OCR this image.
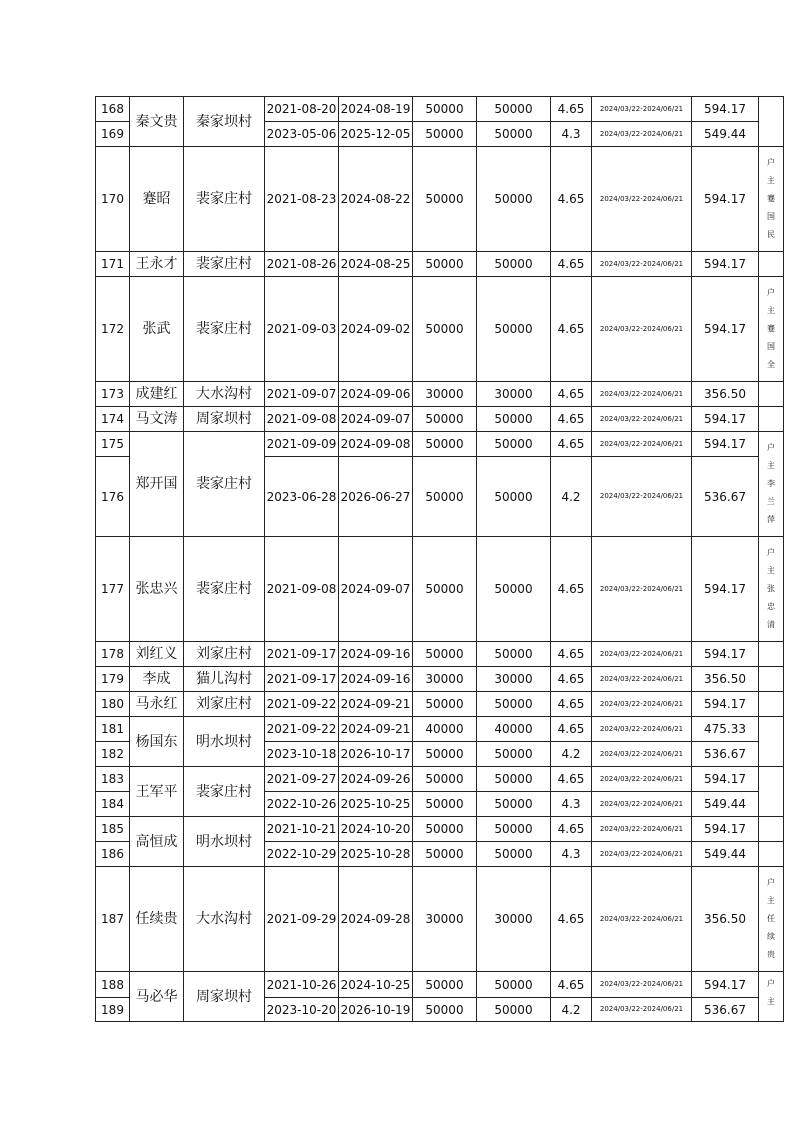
168	秦文贵	秦家坝村	2021-08-20	2024-08-19	50000	50000	4.65	2024/03/22-2024/06/21	594.17	
169			2023-05-06	2025-12-05	50000	50000	4.3	2024/03/22-2024/06/21	549.44	
170	蹇昭	裴家庄村	2021-08-23	2024-08-22	50000	50000	4.65	2024/03/22-2024/06/21	594.17	户
主
蹇
国
民

171	王永才	裴家庄村	2021-08-26	2024-08-25	50000	50000	4.65	2024/03/22-2024/06/21	594.17	
172	张武	裴家庄村	2021-09-03	2024-09-02	50000	50000	4.65	2024/03/22-2024/06/21	594.17	户
主
蹇
国
全

173	成建红	大水沟村	2021-09-07	2024-09-06	30000	30000	4.65	2024/03/22-2024/06/21	356.50	
174	马文涛	周家坝村	2021-09-08	2024-09-07	50000	50000	4.65	2024/03/22-2024/06/21	594.17	
175	郑开国	裴家庄村	2021-09-09	2024-09-08	50000	50000	4.65	2024/03/22-2024/06/21	594.17	户
主
李
兰
萍

176			2023-06-28	2026-06-27	50000	50000	4.2	2024/03/22-2024/06/21	536.67	
177	张忠兴	裴家庄村	2021-09-08	2024-09-07	50000	50000	4.65	2024/03/22-2024/06/21	594.17	户
主
张
忠
清

178	刘红义	刘家庄村	2021-09-17	2024-09-16	50000	50000	4.65	2024/03/22-2024/06/21	594.17	
179	李成	猫儿沟村	2021-09-17	2024-09-16	30000	30000	4.65	2024/03/22-2024/06/21	356.50	
180	马永红	刘家庄村	2021-09-22	2024-09-21	50000	50000	4.65	2024/03/22-2024/06/21	594.17	
181	杨国东	明水坝村	2021-09-22	2024-09-21	40000	40000	4.65	2024/03/22-2024/06/21	475.33	
182			2023-10-18	2026-10-17	50000	50000	4.2	2024/03/22-2024/06/21	536.67	
183	王军平	裴家庄村	2021-09-27	2024-09-26	50000	50000	4.65	2024/03/22-2024/06/21	594.17	
184			2022-10-26	2025-10-25	50000	50000	4.3	2024/03/22-2024/06/21	549.44	
185	高恒成	明水坝村	2021-10-21	2024-10-20	50000	50000	4.65	2024/03/22-2024/06/21	594.17	
186			2022-10-29	2025-10-28	50000	50000	4.3	2024/03/22-2024/06/21	549.44	
187	任续贵	大水沟村	2021-09-29	2024-09-28	30000	30000	4.65	2024/03/22-2024/06/21	356.50	户
主
任
续
贵

188	马必华	周家坝村	2021-10-26	2024-10-25	50000	50000	4.65	2024/03/22-2024/06/21	594.17	户
主

189			2023-10-20	2026-10-19	50000	50000	4.2	2024/03/22-2024/06/21	536.67	
